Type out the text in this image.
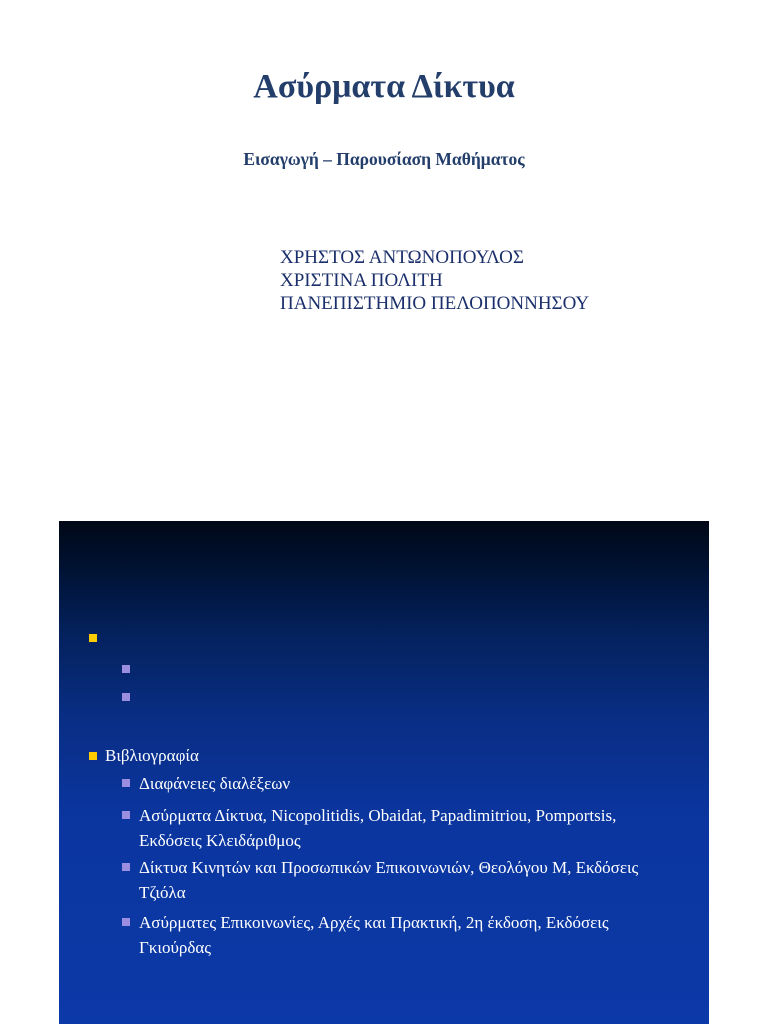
Ασύρματα Δίκτυα
Εισαγωγή – Παρουσίαση Μαθήματος
ΧΡΗΣΤΟΣ ΑΝΤΩΝΟΠΟΥΛΟΣ
ΧΡΙΣΤΙΝΑ ΠΟΛΙΤΗ
ΠΑΝΕΠΙΣΤΗΜΙΟ ΠΕΛΟΠΟΝΝΗΣΟΥ
Βιβλιογραφία
Διαφάνειες διαλέξεων
Ασύρματα Δίκτυα, Nicopolitidis, Obaidat, Papadimitriou, Pomportsis, Εκδόσεις Κλειδάριθμος
Δίκτυα Κινητών και Προσωπικών Επικοινωνιών, Θεολόγου Μ, Εκδόσεις Τζιόλα
Ασύρματες Επικοινωνίες, Αρχές και Πρακτική, 2η έκδοση, Εκδόσεις Γκιούρδας
